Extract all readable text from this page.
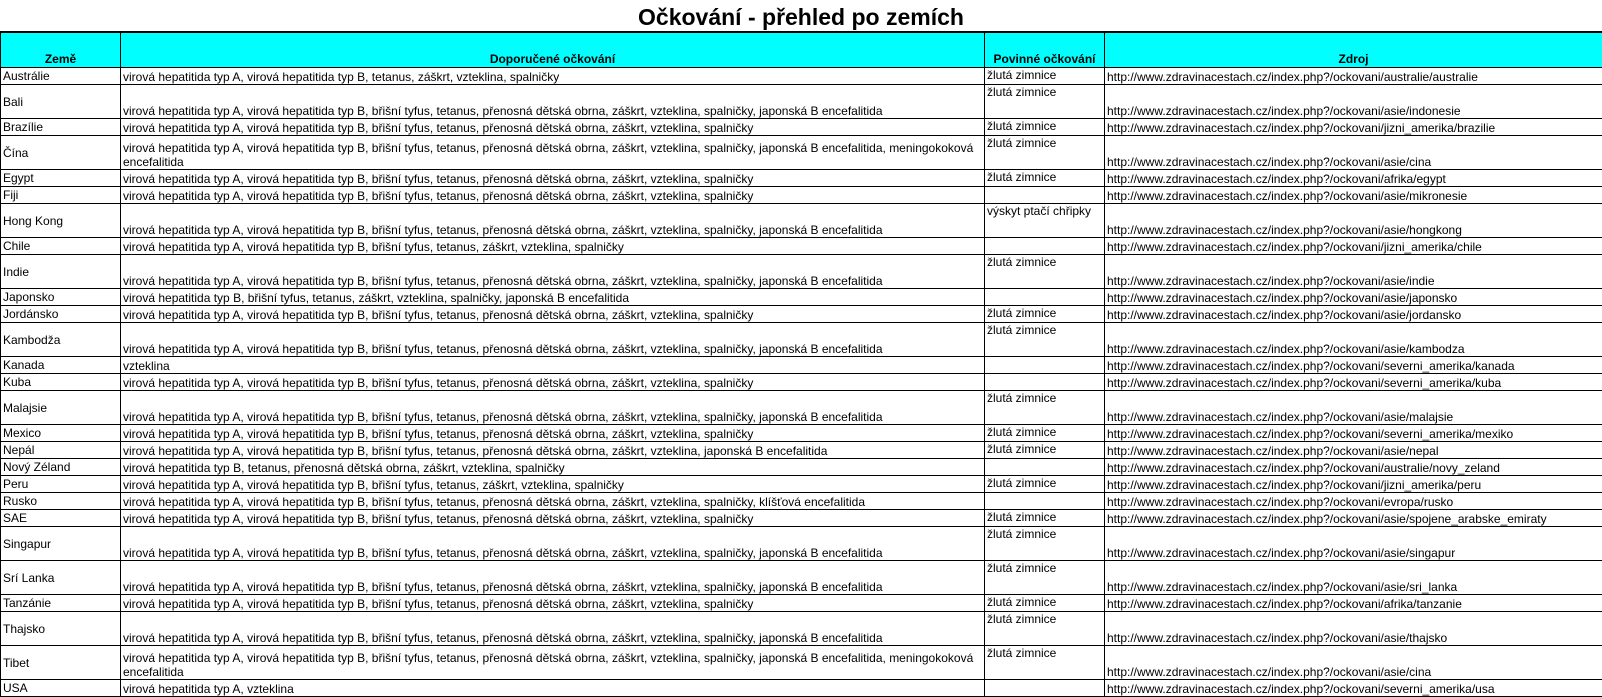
Očkování - přehled po zemích
Země	Doporučené očkování	Povinné očkování	Zdroj
Austrálie	virová hepatitida typ A, virová hepatitida typ B, tetanus, záškrt, vzteklina, spalničky	žlutá zimnice	http://www.zdravinacestach.cz/index.php?/ockovani/australie/australie
Bali	virová hepatitida typ A, virová hepatitida typ B, břišní tyfus, tetanus, přenosná dětská obrna, záškrt, vzteklina, spalničky, japonská B encefalitida	žlutá zimnice	http://www.zdravinacestach.cz/index.php?/ockovani/asie/indonesie
Brazílie	virová hepatitida typ A, virová hepatitida typ B, břišní tyfus, tetanus, přenosná dětská obrna, záškrt, vzteklina, spalničky	žlutá zimnice	http://www.zdravinacestach.cz/index.php?/ockovani/jizni_amerika/brazilie
Čína	virová hepatitida typ A, virová hepatitida typ B, břišní tyfus, tetanus, přenosná dětská obrna, záškrt, vzteklina, spalničky, japonská B encefalitida, meningokoková encefalitida	žlutá zimnice	http://www.zdravinacestach.cz/index.php?/ockovani/asie/cina
Egypt	virová hepatitida typ A, virová hepatitida typ B, břišní tyfus, tetanus, přenosná dětská obrna, záškrt, vzteklina, spalničky	žlutá zimnice	http://www.zdravinacestach.cz/index.php?/ockovani/afrika/egypt
Fiji	virová hepatitida typ A, virová hepatitida typ B, břišní tyfus, tetanus, přenosná dětská obrna, záškrt, vzteklina, spalničky		http://www.zdravinacestach.cz/index.php?/ockovani/asie/mikronesie
Hong Kong	virová hepatitida typ A, virová hepatitida typ B, břišní tyfus, tetanus, přenosná dětská obrna, záškrt, vzteklina, spalničky, japonská B encefalitida	výskyt ptačí chřipky	http://www.zdravinacestach.cz/index.php?/ockovani/asie/hongkong
Chile	virová hepatitida typ A, virová hepatitida typ B, břišní tyfus, tetanus, záškrt, vzteklina, spalničky		http://www.zdravinacestach.cz/index.php?/ockovani/jizni_amerika/chile
Indie	virová hepatitida typ A, virová hepatitida typ B, břišní tyfus, tetanus, přenosná dětská obrna, záškrt, vzteklina, spalničky, japonská B encefalitida	žlutá zimnice	http://www.zdravinacestach.cz/index.php?/ockovani/asie/indie
Japonsko	virová hepatitida typ B, břišní tyfus, tetanus, záškrt, vzteklina, spalničky, japonská B encefalitida		http://www.zdravinacestach.cz/index.php?/ockovani/asie/japonsko
Jordánsko	virová hepatitida typ A, virová hepatitida typ B, břišní tyfus, tetanus, přenosná dětská obrna, záškrt, vzteklina, spalničky	žlutá zimnice	http://www.zdravinacestach.cz/index.php?/ockovani/asie/jordansko
Kambodža	virová hepatitida typ A, virová hepatitida typ B, břišní tyfus, tetanus, přenosná dětská obrna, záškrt, vzteklina, spalničky, japonská B encefalitida	žlutá zimnice	http://www.zdravinacestach.cz/index.php?/ockovani/asie/kambodza
Kanada	vzteklina		http://www.zdravinacestach.cz/index.php?/ockovani/severni_amerika/kanada
Kuba	virová hepatitida typ A, virová hepatitida typ B, břišní tyfus, tetanus, přenosná dětská obrna, záškrt, vzteklina, spalničky		http://www.zdravinacestach.cz/index.php?/ockovani/severni_amerika/kuba
Malajsie	virová hepatitida typ A, virová hepatitida typ B, břišní tyfus, tetanus, přenosná dětská obrna, záškrt, vzteklina, spalničky, japonská B encefalitida	žlutá zimnice	http://www.zdravinacestach.cz/index.php?/ockovani/asie/malajsie
Mexico	virová hepatitida typ A, virová hepatitida typ B, břišní tyfus, tetanus, přenosná dětská obrna, záškrt, vzteklina, spalničky	žlutá zimnice	http://www.zdravinacestach.cz/index.php?/ockovani/severni_amerika/mexiko
Nepál	virová hepatitida typ A, virová hepatitida typ B, břišní tyfus, tetanus, přenosná dětská obrna, záškrt, vzteklina, japonská B encefalitida	žlutá zimnice	http://www.zdravinacestach.cz/index.php?/ockovani/asie/nepal
Nový Zéland	virová hepatitida typ B, tetanus, přenosná dětská obrna, záškrt, vzteklina, spalničky		http://www.zdravinacestach.cz/index.php?/ockovani/australie/novy_zeland
Peru	virová hepatitida typ A, virová hepatitida typ B, břišní tyfus, tetanus, záškrt, vzteklina, spalničky	žlutá zimnice	http://www.zdravinacestach.cz/index.php?/ockovani/jizni_amerika/peru
Rusko	virová hepatitida typ A, virová hepatitida typ B, břišní tyfus, tetanus, přenosná dětská obrna, záškrt, vzteklina, spalničky, klíšťová encefalitida		http://www.zdravinacestach.cz/index.php?/ockovani/evropa/rusko
SAE	virová hepatitida typ A, virová hepatitida typ B, břišní tyfus, tetanus, přenosná dětská obrna, záškrt, vzteklina, spalničky	žlutá zimnice	http://www.zdravinacestach.cz/index.php?/ockovani/asie/spojene_arabske_emiraty
Singapur	virová hepatitida typ A, virová hepatitida typ B, břišní tyfus, tetanus, přenosná dětská obrna, záškrt, vzteklina, spalničky, japonská B encefalitida	žlutá zimnice	http://www.zdravinacestach.cz/index.php?/ockovani/asie/singapur
Srí Lanka	virová hepatitida typ A, virová hepatitida typ B, břišní tyfus, tetanus, přenosná dětská obrna, záškrt, vzteklina, spalničky, japonská B encefalitida	žlutá zimnice	http://www.zdravinacestach.cz/index.php?/ockovani/asie/sri_lanka
Tanzánie	virová hepatitida typ A, virová hepatitida typ B, břišní tyfus, tetanus, přenosná dětská obrna, záškrt, vzteklina, spalničky	žlutá zimnice	http://www.zdravinacestach.cz/index.php?/ockovani/afrika/tanzanie
Thajsko	virová hepatitida typ A, virová hepatitida typ B, břišní tyfus, tetanus, přenosná dětská obrna, záškrt, vzteklina, spalničky, japonská B encefalitida	žlutá zimnice	http://www.zdravinacestach.cz/index.php?/ockovani/asie/thajsko
Tibet	virová hepatitida typ A, virová hepatitida typ B, břišní tyfus, tetanus, přenosná dětská obrna, záškrt, vzteklina, spalničky, japonská B encefalitida, meningokoková encefalitida	žlutá zimnice	http://www.zdravinacestach.cz/index.php?/ockovani/asie/cina
USA	virová hepatitida typ A, vzteklina		http://www.zdravinacestach.cz/index.php?/ockovani/severni_amerika/usa
